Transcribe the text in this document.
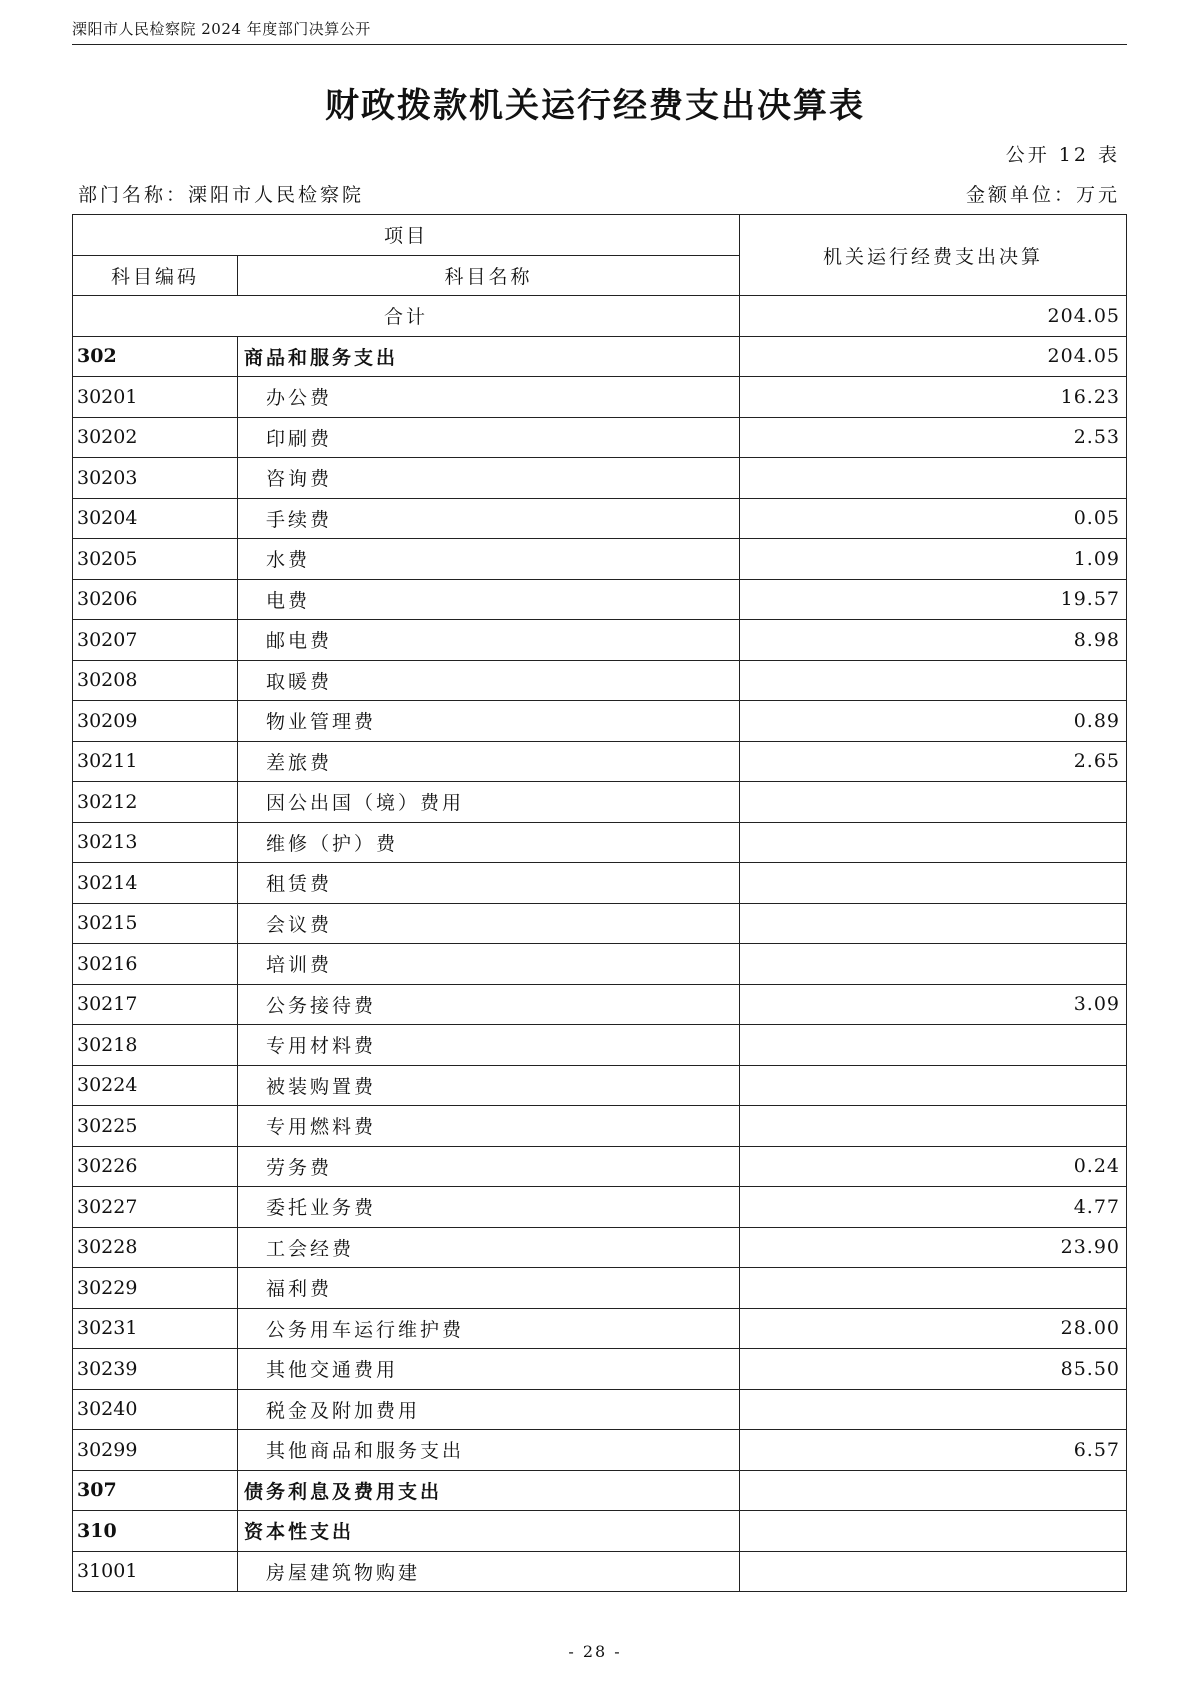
溧阳市人民检察院 2024 年度部门决算公开
财政拨款机关运行经费支出决算表
公开 12 表
部门名称：溧阳市人民检察院	金额单位：万元
项目		机关运行经费支出决算
科目编码	科目名称	
合计		204.05
302	商品和服务支出	204.05
30201	办公费	16.23
30202	印刷费	2.53
30203	咨询费	
30204	手续费	0.05
30205	水费	1.09
30206	电费	19.57
30207	邮电费	8.98
30208	取暖费	
30209	物业管理费	0.89
30211	差旅费	2.65
30212	因公出国（境）费用	
30213	维修（护）费	
30214	租赁费	
30215	会议费	
30216	培训费	
30217	公务接待费	3.09
30218	专用材料费	
30224	被装购置费	
30225	专用燃料费	
30226	劳务费	0.24
30227	委托业务费	4.77
30228	工会经费	23.90
30229	福利费	
30231	公务用车运行维护费	28.00
30239	其他交通费用	85.50
30240	税金及附加费用	
30299	其他商品和服务支出	6.57
307	债务利息及费用支出	
310	资本性支出	
31001	房屋建筑物购建	
- 28 -
